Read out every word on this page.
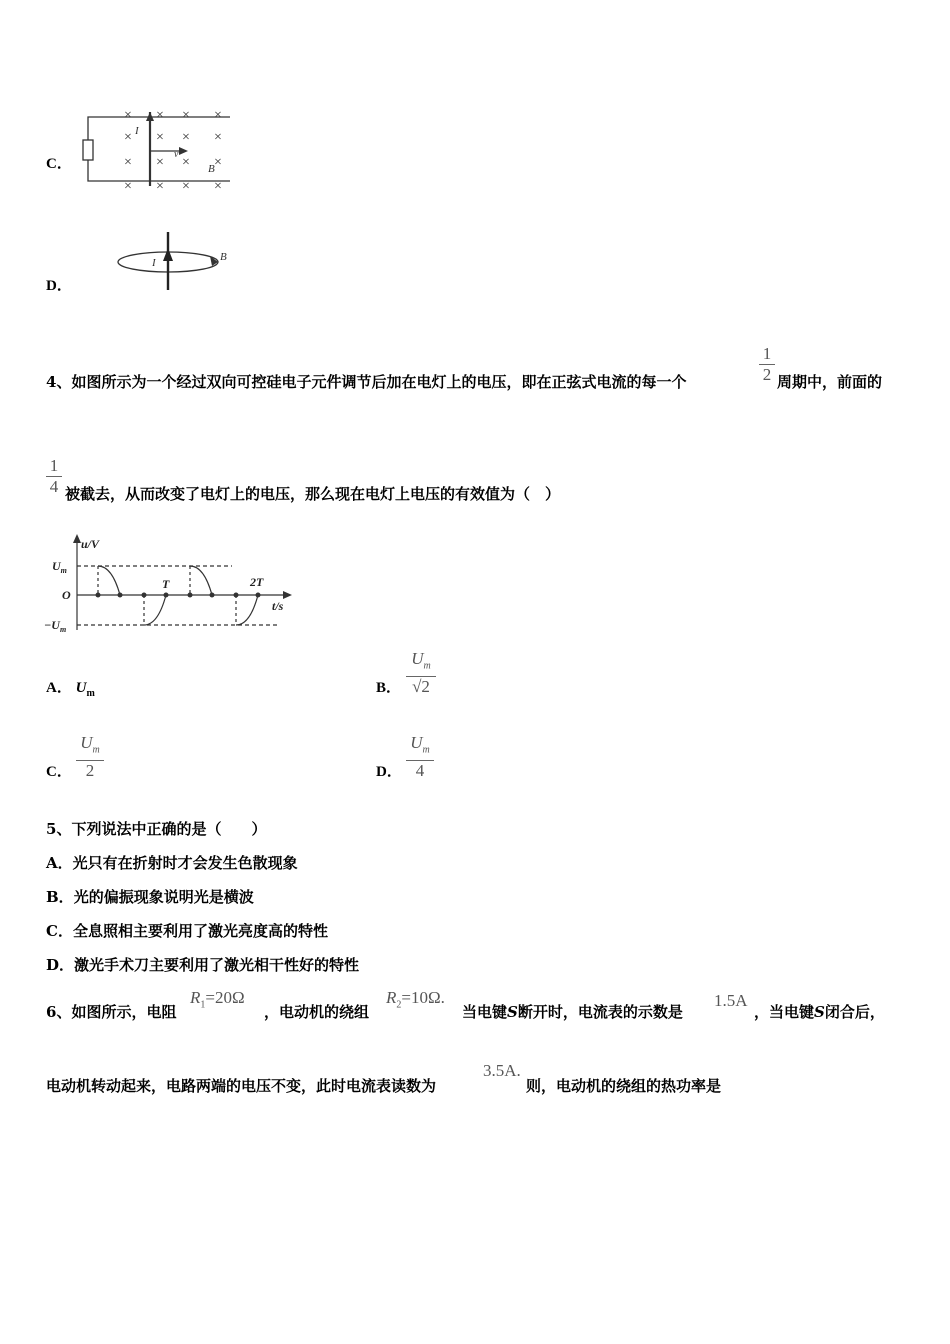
C．
× × × ×
× × × ×
× × × ×
× × × ×
I
v
B
D．
I	B
4、如图所示为一个经过双向可控硅电子元件调节后加在电灯上的电压，即在正弦式电流的每一个
1
2 周期中，前面的
1
4 被截去，从而改变了电灯上的电压，那么现在电灯上电压的有效值为（　）
u/V
t/s
$U_m$
O
$-U_m$
T	2T
A． $U_m$	B．
$U_m$
√2
C．
$U_m$
2	D．
$U_m$
4
5、下列说法中正确的是（　　）
A．光只有在折射时才会发生色散现象
B．光的偏振现象说明光是横波
C．全息照相主要利用了激光亮度高的特性
D．激光手术刀主要利用了激光相干性好的特性
6、如图所示，电阻
$R_1=20\Omega$
，电动机的绕组
$R_2=10\Omega$.
当电键S断开时，电流表的示数是
1.5A
，当电键S闭合后，
电动机转动起来，电路两端的电压不变，此时电流表读数为
3.5A.
则，电动机的绕组的热功率是
